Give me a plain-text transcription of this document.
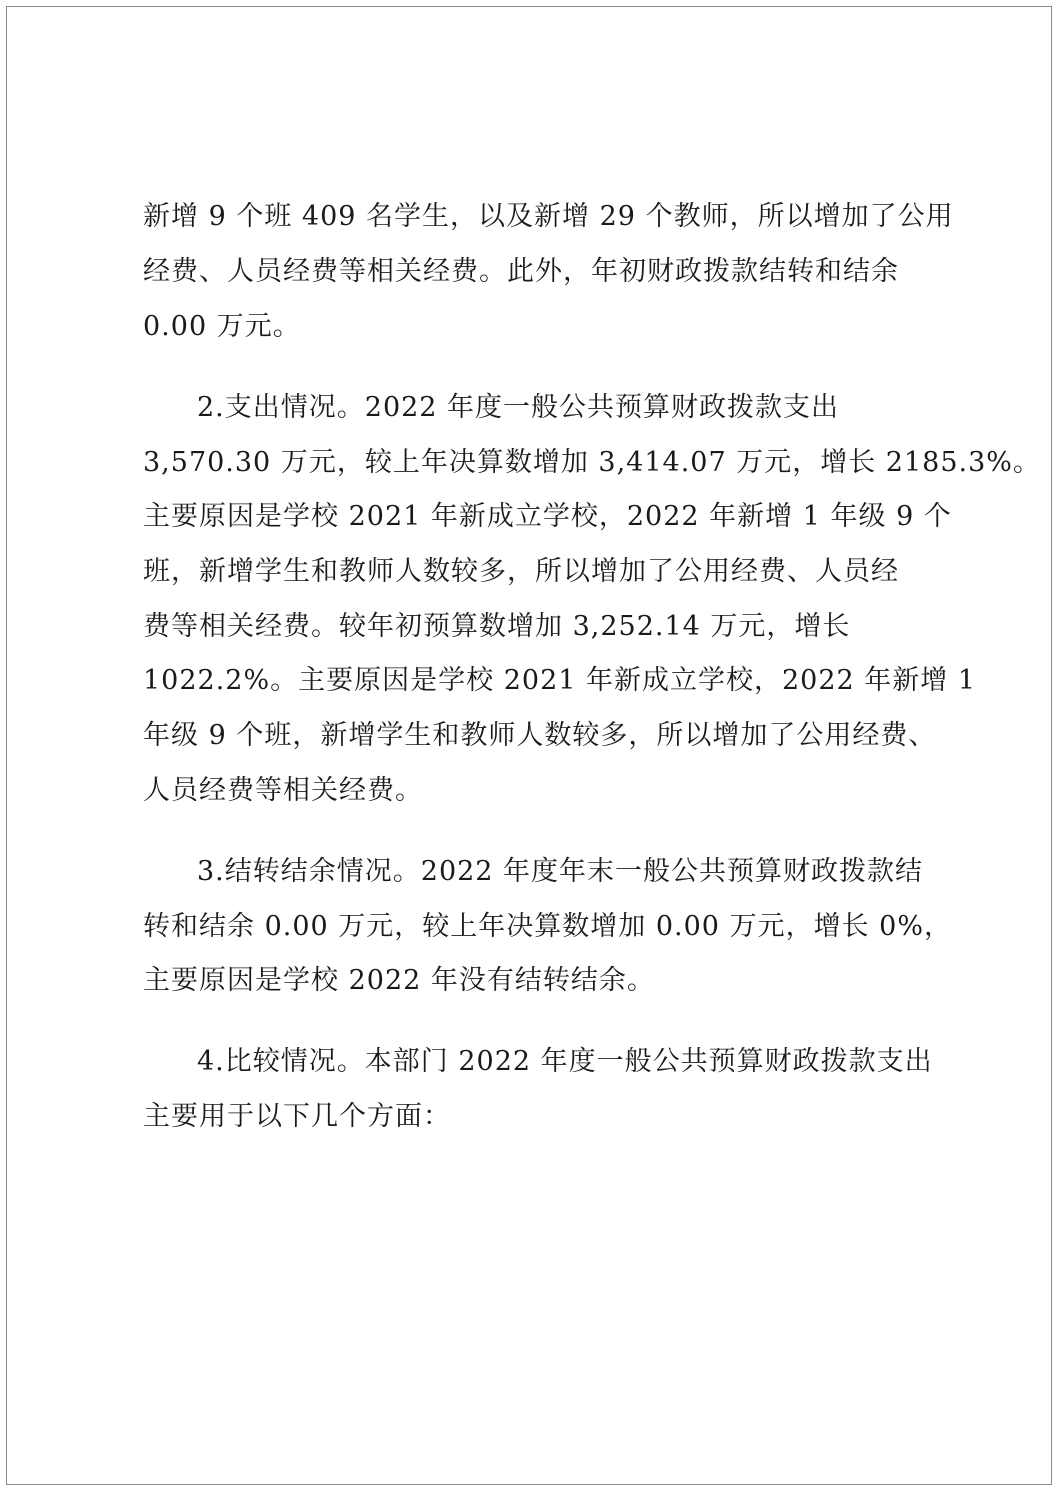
新增 9 个班 409 名学生，以及新增 29 个教师，所以增加了公用
经费、人员经费等相关经费。此外，年初财政拨款结转和结余
0.00 万元。
2.支出情况。2022 年度一般公共预算财政拨款支出
3,570.30 万元，较上年决算数增加 3,414.07 万元，增长 2185.3%。
主要原因是学校 2021 年新成立学校，2022 年新增 1 年级 9 个
班，新增学生和教师人数较多，所以增加了公用经费、人员经
费等相关经费。较年初预算数增加 3,252.14 万元，增长
1022.2%。主要原因是学校 2021 年新成立学校，2022 年新增 1
年级 9 个班，新增学生和教师人数较多，所以增加了公用经费、
人员经费等相关经费。
3.结转结余情况。2022 年度年末一般公共预算财政拨款结
转和结余 0.00 万元，较上年决算数增加 0.00 万元，增长 0%，
主要原因是学校 2022 年没有结转结余。
4.比较情况。本部门 2022 年度一般公共预算财政拨款支出
主要用于以下几个方面：
